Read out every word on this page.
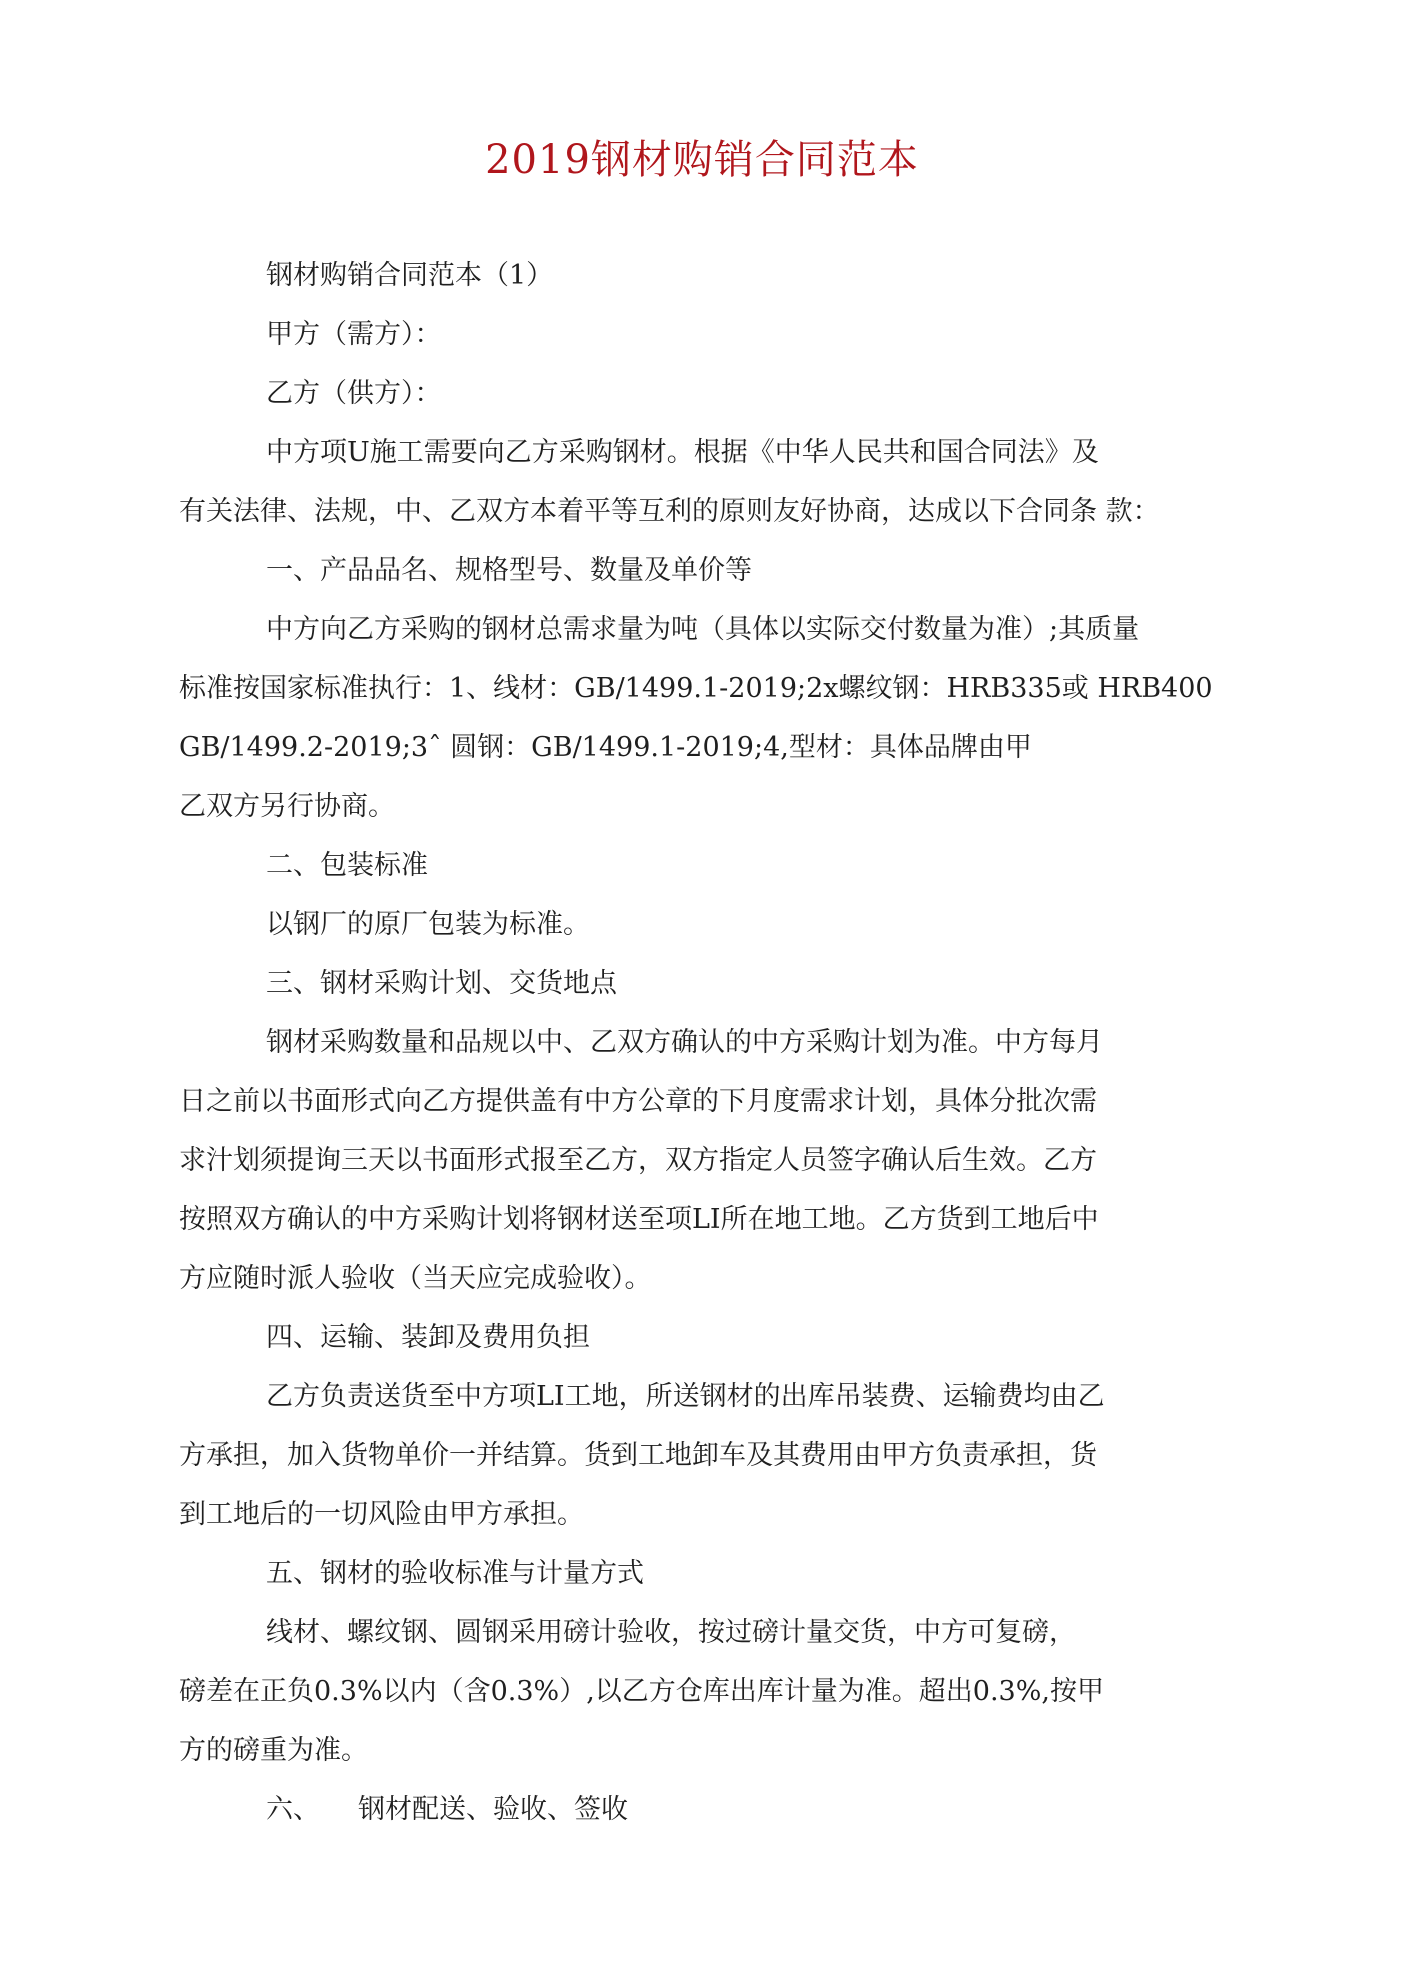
2019钢材购销合同范本
钢材购销合同范本（1）
甲方（需方）：
乙方（供方）：
中方项U施工需要向乙方采购钢材。根据《中华人民共和国合同法》及
有关法律、法规，中、乙双方本着平等互利的原则友好协商，达成以下合同条 款：
一、产品品名、规格型号、数量及单价等
中方向乙方采购的钢材总需求量为吨（具体以实际交付数量为准）;其质量
标准按国家标准执行：1、线材：GB/1499.1-2019;2x螺纹钢：HRB335或 HRB400
GB/1499.2-2019;3ˆ 圆钢：GB/1499.1-2019;4,型材：具体品牌由甲
乙双方另行协商。
二、包装标准
以钢厂的原厂包装为标准。
三、钢材采购计划、交货地点
钢材采购数量和品规以中、乙双方确认的中方采购计划为准。中方每月
日之前以书面形式向乙方提供盖有中方公章的下月度需求计划，具体分批次需
求汁划须提询三天以书面形式报至乙方，双方指定人员签字确认后生效。乙方
按照双方确认的中方采购计划将钢材送至项LI所在地工地。乙方货到工地后中
方应随时派人验收（当天应完成验收）。
四、运输、装卸及费用负担
乙方负责送货至中方项LI工地，所送钢材的出库吊装费、运输费均由乙
方承担，加入货物单价一并结算。货到工地卸车及其费用由甲方负责承担，货
到工地后的一切风险由甲方承担。
五、钢材的验收标准与计量方式
线材、螺纹钢、圆钢采用磅计验收，按过磅计量交货，中方可复磅，
磅差在正负0.3%以内（含0.3%）,以乙方仓库出库计量为准。超出0.3%,按甲
方的磅重为准。
六、 钢材配送、验收、签收
